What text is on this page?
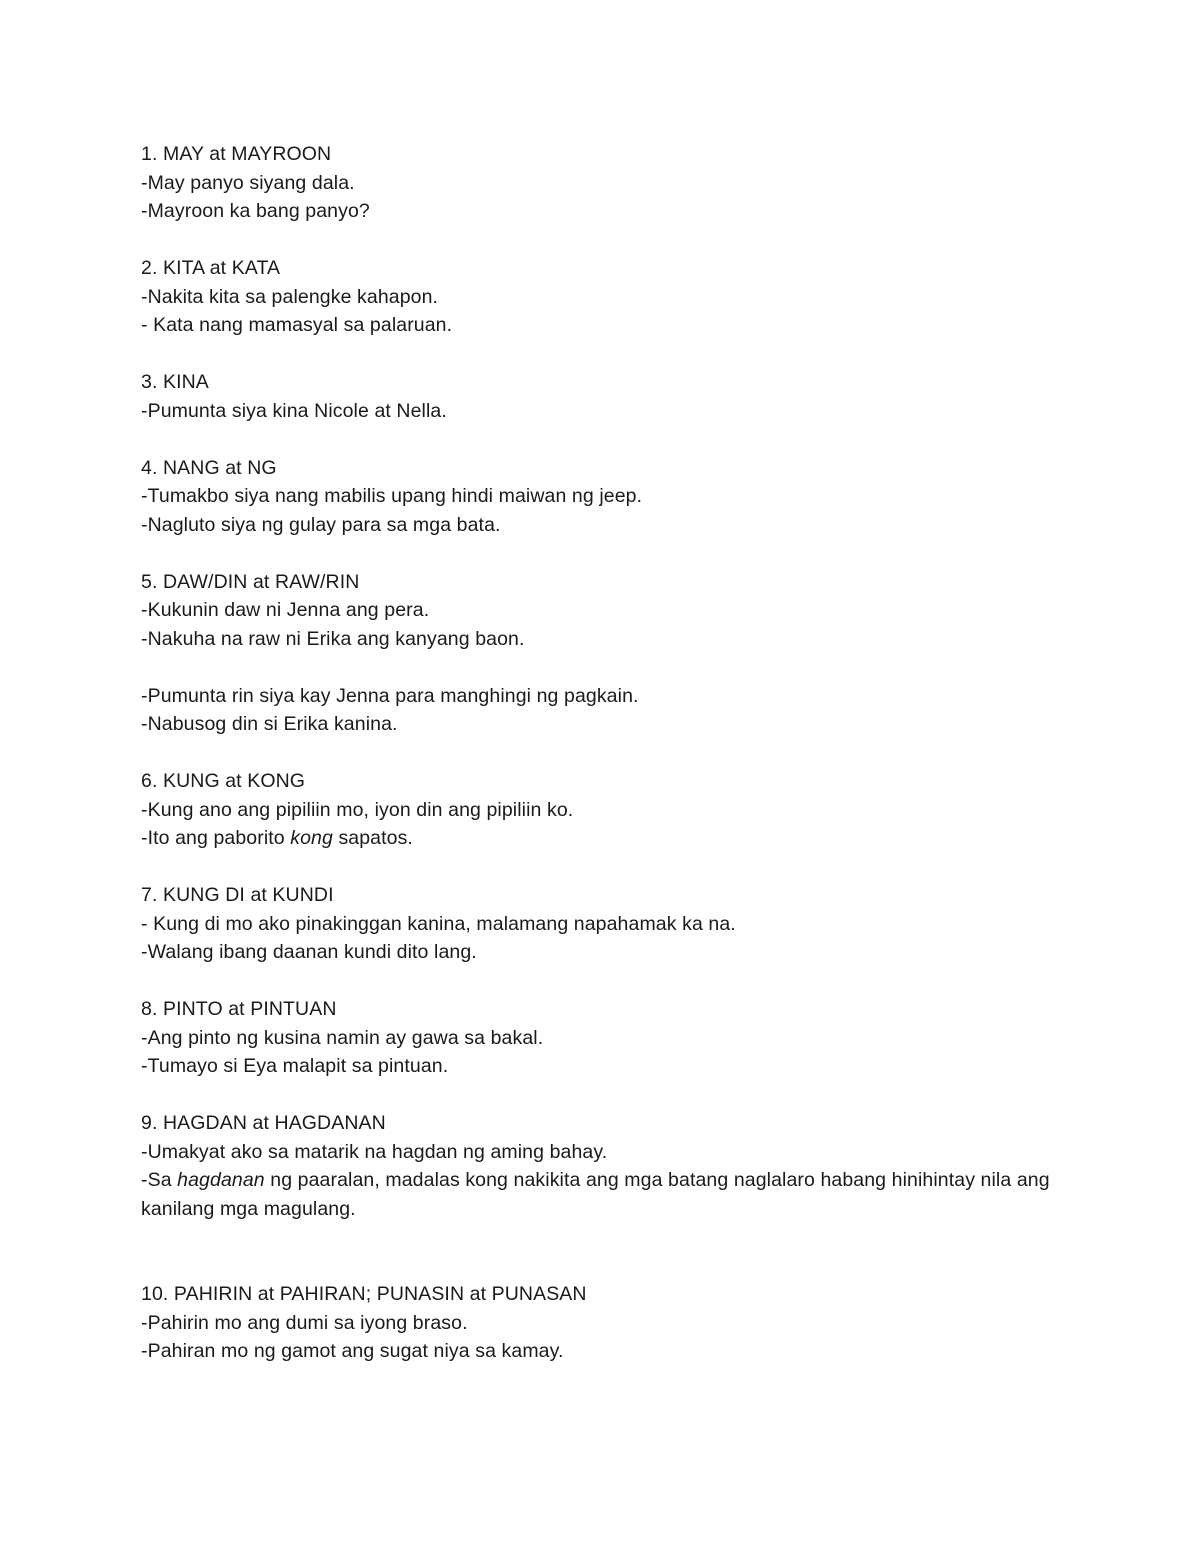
1. MAY at MAYROON
-May panyo siyang dala.
-Mayroon ka bang panyo?
2. KITA at KATA
-Nakita kita sa palengke kahapon.
- Kata nang mamasyal sa palaruan.
3. KINA
-Pumunta siya kina Nicole at Nella.
4. NANG at NG
-Tumakbo siya nang mabilis upang hindi maiwan ng jeep.
-Nagluto siya ng gulay para sa mga bata.
5. DAW/DIN at RAW/RIN
-Kukunin daw ni Jenna ang pera.
-Nakuha na raw ni Erika ang kanyang baon.
-Pumunta rin siya kay Jenna para manghingi ng pagkain.
-Nabusog din si Erika kanina.
6. KUNG at KONG
-Kung ano ang pipiliin mo, iyon din ang pipiliin ko.
-Ito ang paborito kong sapatos.
7. KUNG DI at KUNDI
- Kung di mo ako pinakinggan kanina, malamang napahamak ka na.
-Walang ibang daanan kundi dito lang.
8. PINTO at PINTUAN
-Ang pinto ng kusina namin ay gawa sa bakal.
-Tumayo si Eya malapit sa pintuan.
9. HAGDAN at HAGDANAN
-Umakyat ako sa matarik na hagdan ng aming bahay.
-Sa hagdanan ng paaralan, madalas kong nakikita ang mga batang naglalaro habang hinihintay nila ang kanilang mga magulang.
10. PAHIRIN at PAHIRAN; PUNASIN at PUNASAN
-Pahirin mo ang dumi sa iyong braso.
-Pahiran mo ng gamot ang sugat niya sa kamay.
